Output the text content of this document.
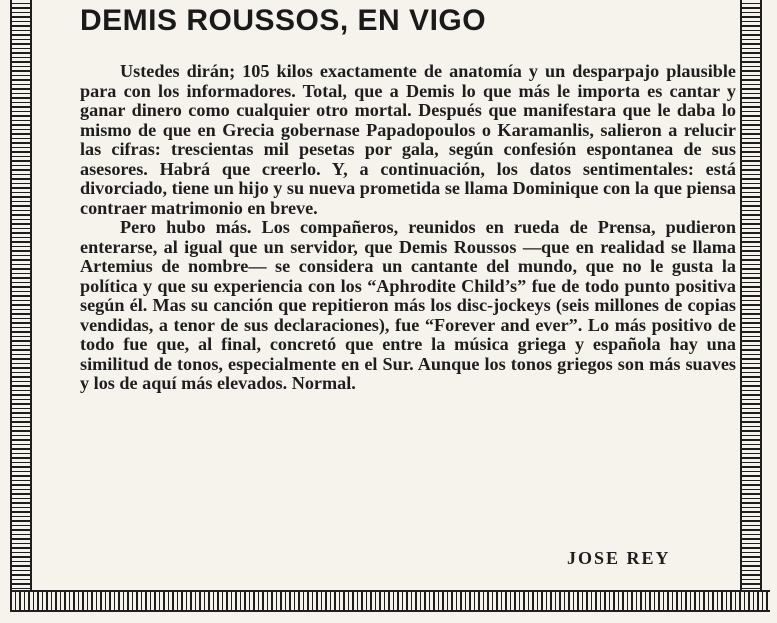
DEMIS ROUSSOS, EN VIGO

Ustedes dirán; 105 kilos exactamente de anatomía y un desparpajo plausible para con los informadores. Total, que a Demis lo que más le importa es cantar y ganar dinero como cualquier otro mortal. Después que manifestara que le daba lo mismo de que en Grecia gobernase Papadopoulos o Karamanlis, salieron a relucir las cifras: trescientas mil pesetas por gala, según confesión espontanea de sus asesores. Habrá que creerlo. Y, a continuación, los datos sentimentales: está divorciado, tiene un hijo y su nueva prometida se llama Dominique con la que piensa contraer matrimonio en breve.

Pero hubo más. Los compañeros, reunidos en rueda de Prensa, pudieron enterarse, al igual que un servidor, que Demis Roussos —que en realidad se llama Artemius de nombre— se considera un cantante del mundo, que no le gusta la política y que su experiencia con los “Aphrodite Child’s” fue de todo punto positiva según él. Mas su canción que repitieron más los disc-jockeys (seis millones de copias vendidas, a tenor de sus declaraciones), fue “Forever and ever”. Lo más positivo de todo fue que, al final, concretó que entre la música griega y española hay una similitud de tonos, especialmente en el Sur. Aunque los tonos griegos son más suaves y los de aquí más elevados. Normal.

JOSE REY
